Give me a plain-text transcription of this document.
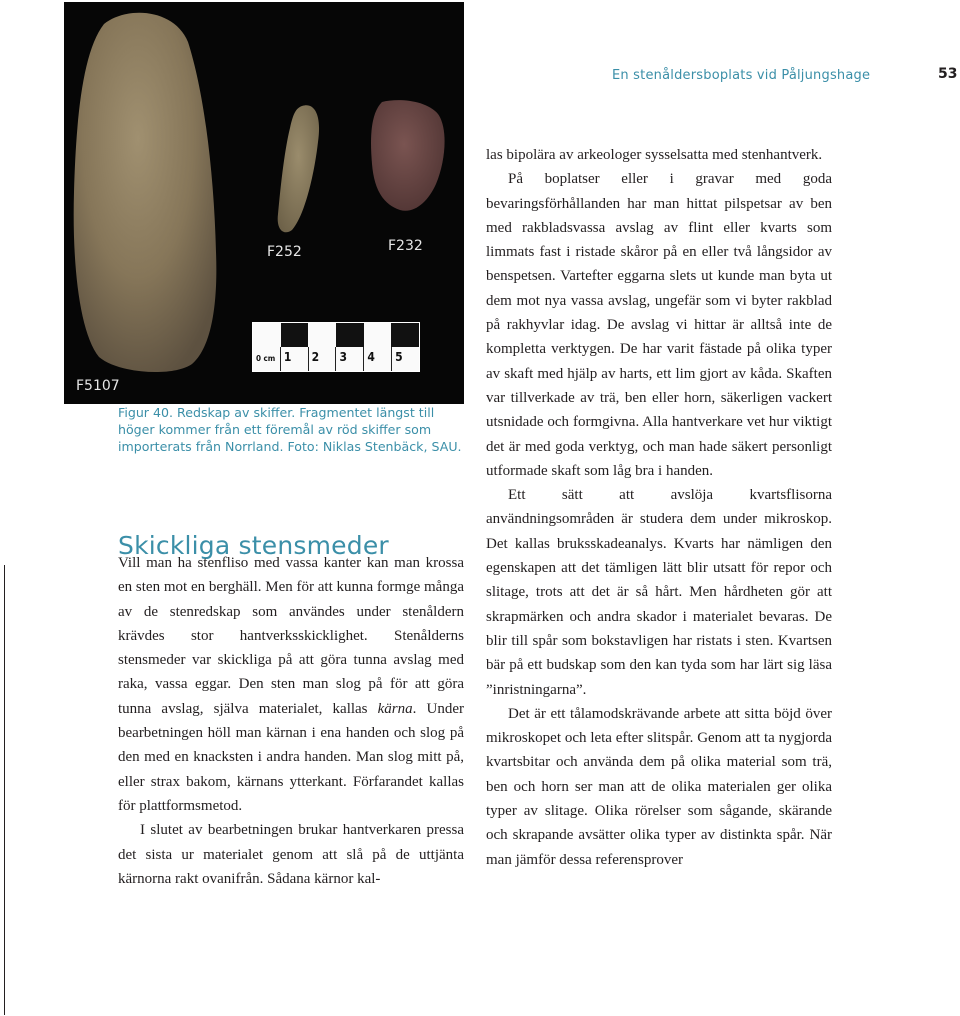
En stenåldersboplats vid Påljungshage	53
F5107
F252	F232
0 cm 1 2 3 4 5
Figur 40. Redskap av skiffer. Fragmentet längst till höger kommer från ett föremål av röd skiffer som importerats från Norrland. Foto: Niklas Stenbäck, SAU.
Skickliga stensmeder

Vill man ha stenfliso med vassa kanter kan man krossa en sten mot en berghäll. Men för att kunna formge många av de stenredskap som användes under stenåldern krävdes stor hantverksskicklighet. Stenålderns stensmeder var skickliga på att göra tunna avslag med raka, vassa eggar. Den sten man slog på för att göra tunna avslag, själva materialet, kallas kärna. Under bearbetningen höll man kärnan i ena handen och slog på den med en knacksten i andra handen. Man slog mitt på, eller strax bakom, kärnans ytterkant. Förfarandet kallas för plattformsmetod.

I slutet av bearbetningen brukar hantverkaren pressa det sista ur materialet genom att slå på de uttjänta kärnorna rakt ovanifrån. Sådana kärnor kal-

las bipolära av arkeologer sysselsatta med stenhantverk.

På boplatser eller i gravar med goda bevaringsförhållanden har man hittat pilspetsar av ben med rakbladsvassa avslag av flint eller kvarts som limmats fast i ristade skåror på en eller två långsidor av benspetsen. Vartefter eggarna slets ut kunde man byta ut dem mot nya vassa avslag, ungefär som vi byter rakblad på rakhyvlar idag. De avslag vi hittar är alltså inte de kompletta verktygen. De har varit fästade på olika typer av skaft med hjälp av harts, ett lim gjort av kåda. Skaften var tillverkade av trä, ben eller horn, säkerligen vackert utsnidade och formgivna. Alla hantverkare vet hur viktigt det är med goda verktyg, och man hade säkert personligt utformade skaft som låg bra i handen.

Ett sätt att avslöja kvartsflisorna användningsområden är studera dem under mikroskop. Det kallas bruksskadeanalys. Kvarts har nämligen den egenskapen att det tämligen lätt blir utsatt för repor och slitage, trots att det är så hårt. Men hårdheten gör att skrapmärken och andra skador i materialet bevaras. De blir till spår som bokstavligen har ristats i sten. Kvartsen bär på ett budskap som den kan tyda som har lärt sig läsa ”inristningarna”.

Det är ett tålamodskrävande arbete att sitta böjd över mikroskopet och leta efter slitspår. Genom att ta nygjorda kvartsbitar och använda dem på olika material som trä, ben och horn ser man att de olika materialen ger olika typer av slitage. Olika rörelser som sågande, skärande och skrapande avsätter olika typer av distinkta spår. När man jämför dessa referensprover
